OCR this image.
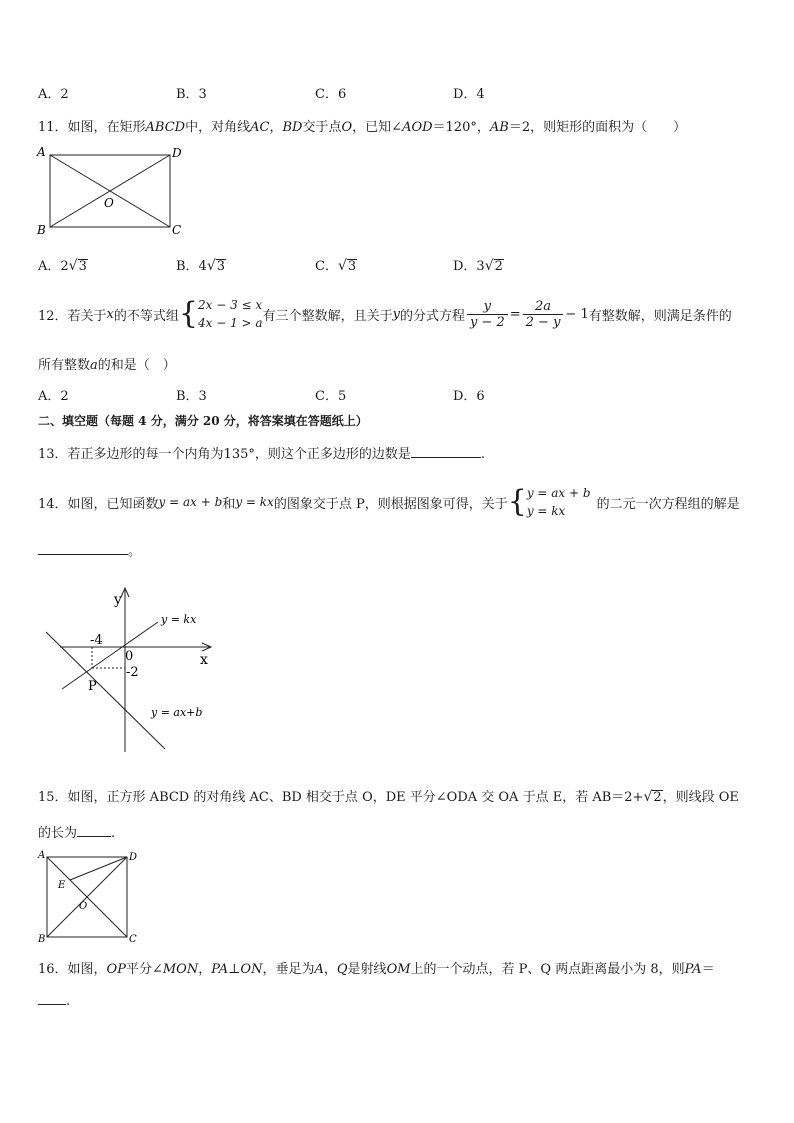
A．2	B．3	C．6	D．4
11．如图，在矩形ABCD中，对角线AC，BD交于点O，已知∠AOD＝120°，AB＝2，则矩形的面积为（　　）
A	D
B	C
O
A．2√3	B．4√3	C．√3	D．3√2
12．若关于 x 的不等式组 { 2x − 3 ≤ x
4x − 1 > a 有三个整数解，且关于 y 的分式方程 $\frac{y}{y - 2} = \frac{2a}{2 - y} - 1$ 有整数解，则满足条件的
所有整数a的和是（　）
A．2	B．3	C．5	D．6
二、填空题（每题 4 分，满分 20 分，将答案填在答题纸上）
13．若正多边形的每一个内角为135°，则这个正多边形的边数是	.
14．如图，已知函数 y = ax + b 和 y = kx 的图象交于点 P，则根据图象可得，关于 { y = ax + b
y = kx	的二元一次方程组的解是
。
y
x
0
-4
-2
P
y = kx
y = ax+b
15．如图，正方形 ABCD 的对角线 AC、BD 相交于点 O，DE 平分∠ODA 交 OA 于点 E，若 AB＝2+√2，则线段 OE
的长为	.
A	D
B	C
E
O
16．如图，OP平分∠MON，PA⊥ON，垂足为A，Q是射线OM上的一个动点，若 P、Q 两点距离最小为 8，则PA＝
.
